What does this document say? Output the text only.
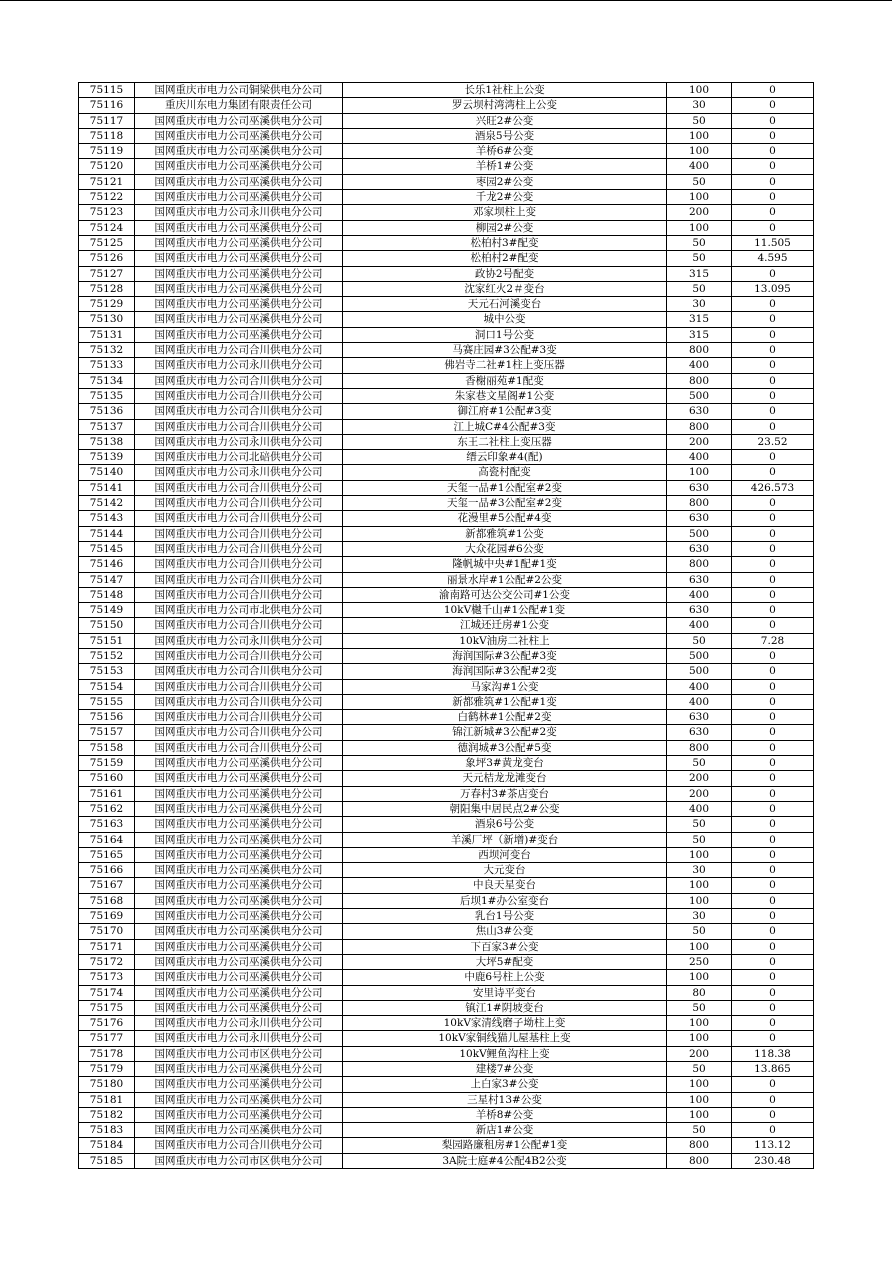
75115	国网重庆市电力公司铜梁供电分公司	长乐1社柱上公变	100	0
75116	重庆川东电力集团有限责任公司	罗云坝村湾湾柱上公变	30	0
75117	国网重庆市电力公司巫溪供电分公司	兴旺2#公变	50	0
75118	国网重庆市电力公司巫溪供电分公司	酒泉5号公变	100	0
75119	国网重庆市电力公司巫溪供电分公司	羊桥6#公变	100	0
75120	国网重庆市电力公司巫溪供电分公司	羊桥1#公变	400	0
75121	国网重庆市电力公司巫溪供电分公司	枣园2#公变	50	0
75122	国网重庆市电力公司巫溪供电分公司	千龙2#公变	100	0
75123	国网重庆市电力公司永川供电分公司	邓家坝柱上变	200	0
75124	国网重庆市电力公司巫溪供电分公司	柳园2#公变	100	0
75125	国网重庆市电力公司巫溪供电分公司	松柏村3#配变	50	11.505
75126	国网重庆市电力公司巫溪供电分公司	松柏村2#配变	50	4.595
75127	国网重庆市电力公司巫溪供电分公司	政协2号配变	315	0
75128	国网重庆市电力公司巫溪供电分公司	沈家红火2＃变台	50	13.095
75129	国网重庆市电力公司巫溪供电分公司	天元石河溪变台	30	0
75130	国网重庆市电力公司巫溪供电分公司	城中公变	315	0
75131	国网重庆市电力公司巫溪供电分公司	洞口1号公变	315	0
75132	国网重庆市电力公司合川供电分公司	马赛庄园#3公配#3变	800	0
75133	国网重庆市电力公司永川供电分公司	佛岩寺二社#1柱上变压器	400	0
75134	国网重庆市电力公司合川供电分公司	香榭丽苑#1配变	800	0
75135	国网重庆市电力公司合川供电分公司	朱家巷文星阁#1公变	500	0
75136	国网重庆市电力公司合川供电分公司	御江府#1公配#3变	630	0
75137	国网重庆市电力公司合川供电分公司	江上城C#4公配#3变	800	0
75138	国网重庆市电力公司永川供电分公司	东王二社柱上变压器	200	23.52
75139	国网重庆市电力公司北碚供电分公司	缙云印象#4(配)	400	0
75140	国网重庆市电力公司永川供电分公司	高瓷村配变	100	0
75141	国网重庆市电力公司合川供电分公司	天玺一品#1公配室#2变	630	426.573
75142	国网重庆市电力公司合川供电分公司	天玺一品#3公配室#2变	800	0
75143	国网重庆市电力公司合川供电分公司	花漫里#5公配#4变	630	0
75144	国网重庆市电力公司合川供电分公司	新都雅筑#1公变	500	0
75145	国网重庆市电力公司合川供电分公司	大众花园#6公变	630	0
75146	国网重庆市电力公司合川供电分公司	隆帆城中央#1配#1变	800	0
75147	国网重庆市电力公司合川供电分公司	丽景水岸#1公配#2公变	630	0
75148	国网重庆市电力公司合川供电分公司	渝南路可达公交公司#1公变	400	0
75149	国网重庆市电力公司市北供电分公司	10kV樾千山#1公配#1变	630	0
75150	国网重庆市电力公司合川供电分公司	江城还迁房#1公变	400	0
75151	国网重庆市电力公司永川供电分公司	10kV油房二社柱上	50	7.28
75152	国网重庆市电力公司合川供电分公司	海润国际#3公配#3变	500	0
75153	国网重庆市电力公司合川供电分公司	海润国际#3公配#2变	500	0
75154	国网重庆市电力公司合川供电分公司	马家沟#1公变	400	0
75155	国网重庆市电力公司合川供电分公司	新都雅筑#1公配#1变	400	0
75156	国网重庆市电力公司合川供电分公司	白鹤林#1公配#2变	630	0
75157	国网重庆市电力公司合川供电分公司	锦江新城#3公配#2变	630	0
75158	国网重庆市电力公司合川供电分公司	德润城#3公配#5变	800	0
75159	国网重庆市电力公司巫溪供电分公司	象坪3#黄龙变台	50	0
75160	国网重庆市电力公司巫溪供电分公司	天元桔龙龙滩变台	200	0
75161	国网重庆市电力公司巫溪供电分公司	万春村3#茶店变台	200	0
75162	国网重庆市电力公司巫溪供电分公司	朝阳集中居民点2#公变	400	0
75163	国网重庆市电力公司巫溪供电分公司	酒泉6号公变	50	0
75164	国网重庆市电力公司巫溪供电分公司	羊溪厂坪（新增)#变台	50	0
75165	国网重庆市电力公司巫溪供电分公司	西坝河变台	100	0
75166	国网重庆市电力公司巫溪供电分公司	大元变台	30	0
75167	国网重庆市电力公司巫溪供电分公司	中良天星变台	100	0
75168	国网重庆市电力公司巫溪供电分公司	后坝1#办公室变台	100	0
75169	国网重庆市电力公司巫溪供电分公司	乳台1号公变	30	0
75170	国网重庆市电力公司巫溪供电分公司	焦山3#公变	50	0
75171	国网重庆市电力公司巫溪供电分公司	下百家3#公变	100	0
75172	国网重庆市电力公司巫溪供电分公司	大坪5#配变	250	0
75173	国网重庆市电力公司巫溪供电分公司	中鹿6号柱上公变	100	0
75174	国网重庆市电力公司巫溪供电分公司	安里诗平变台	80	0
75175	国网重庆市电力公司巫溪供电分公司	镇江1#阴坡变台	50	0
75176	国网重庆市电力公司永川供电分公司	10kV家清线磨子坳柱上变	100	0
75177	国网重庆市电力公司永川供电分公司	10kV家铜线猫儿屋基柱上变	100	0
75178	国网重庆市电力公司市区供电分公司	10kV鲤鱼沟柱上变	200	118.38
75179	国网重庆市电力公司巫溪供电分公司	建楼7#公变	50	13.865
75180	国网重庆市电力公司巫溪供电分公司	上白家3#公变	100	0
75181	国网重庆市电力公司巫溪供电分公司	三星村13#公变	100	0
75182	国网重庆市电力公司巫溪供电分公司	羊桥8#公变	100	0
75183	国网重庆市电力公司巫溪供电分公司	新店1#公变	50	0
75184	国网重庆市电力公司合川供电分公司	梨园路廉租房#1公配#1变	800	113.12
75185	国网重庆市电力公司市区供电分公司	3A院士庭#4公配4B2公变	800	230.48
